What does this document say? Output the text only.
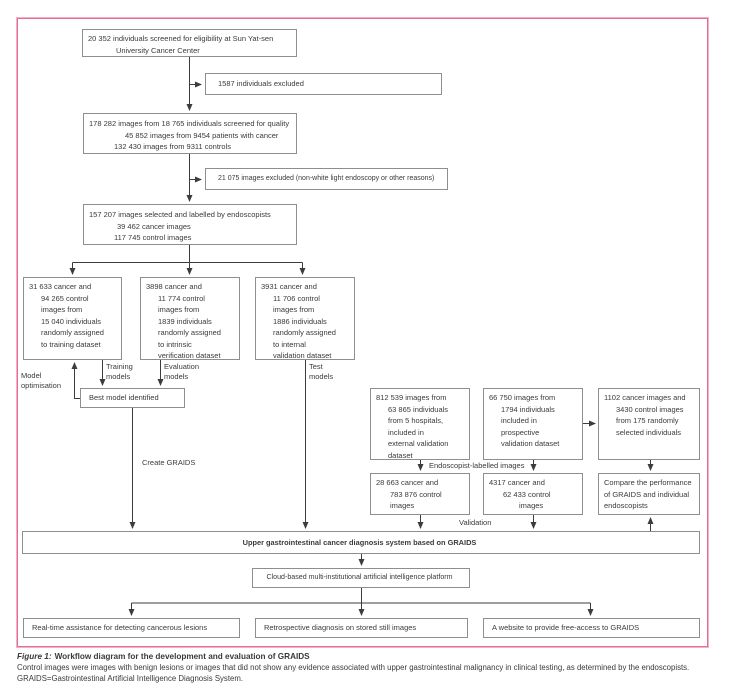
20 352 individuals screened for eligibility at Sun Yat-sen
University Cancer Center
1587 individuals excluded
178 282 images from 18 765 individuals screened for quality
45 852 images from 9454 patients with cancer
132 430 images from 9311 controls
21 075 images excluded (non-white light endoscopy or other reasons)
157 207 images selected and labelled by endoscopists
39 462 cancer images
117 745 control images
31 633 cancer and
94 265 control
images from
15 040 individuals
randomly assigned
to training dataset
3898 cancer and
11 774 control
images from
1839 individuals
randomly assigned
to intrinsic
verification dataset
3931 cancer and
11 706 control
images from
1886 individuals
randomly assigned
to internal
validation dataset
Model optimisation
Training models
Evaluation models
Test models
Best model identified
Create GRAIDS
812 539 images from
63 865 individuals
from 5 hospitals,
included in
external validation
dataset
66 750 images from
1794 individuals
included in
prospective
validation dataset
1102 cancer images and
3430 control images
from 175 randomly
selected individuals
Endoscopist-labelled images
28 663 cancer and
783 876 control
images
4317 cancer and
62 433 control
images
Compare the performance
of GRAIDS and individual
endoscopists
Validation
Upper gastrointestinal cancer diagnosis system based on GRAIDS
Cloud-based multi-institutional artificial intelligence platform
Real-time assistance for detecting cancerous lesions	Retrospective diagnosis on stored still images	A website to provide free-access to GRAIDS
Figure 1: Workflow diagram for the development and evaluation of GRAIDS
Control images were images with benign lesions or images that did not show any evidence associated with upper gastrointestinal malignancy in clinical testing, as determined by the endoscopists. GRAIDS=Gastrointestinal Artificial Intelligence Diagnosis System.
